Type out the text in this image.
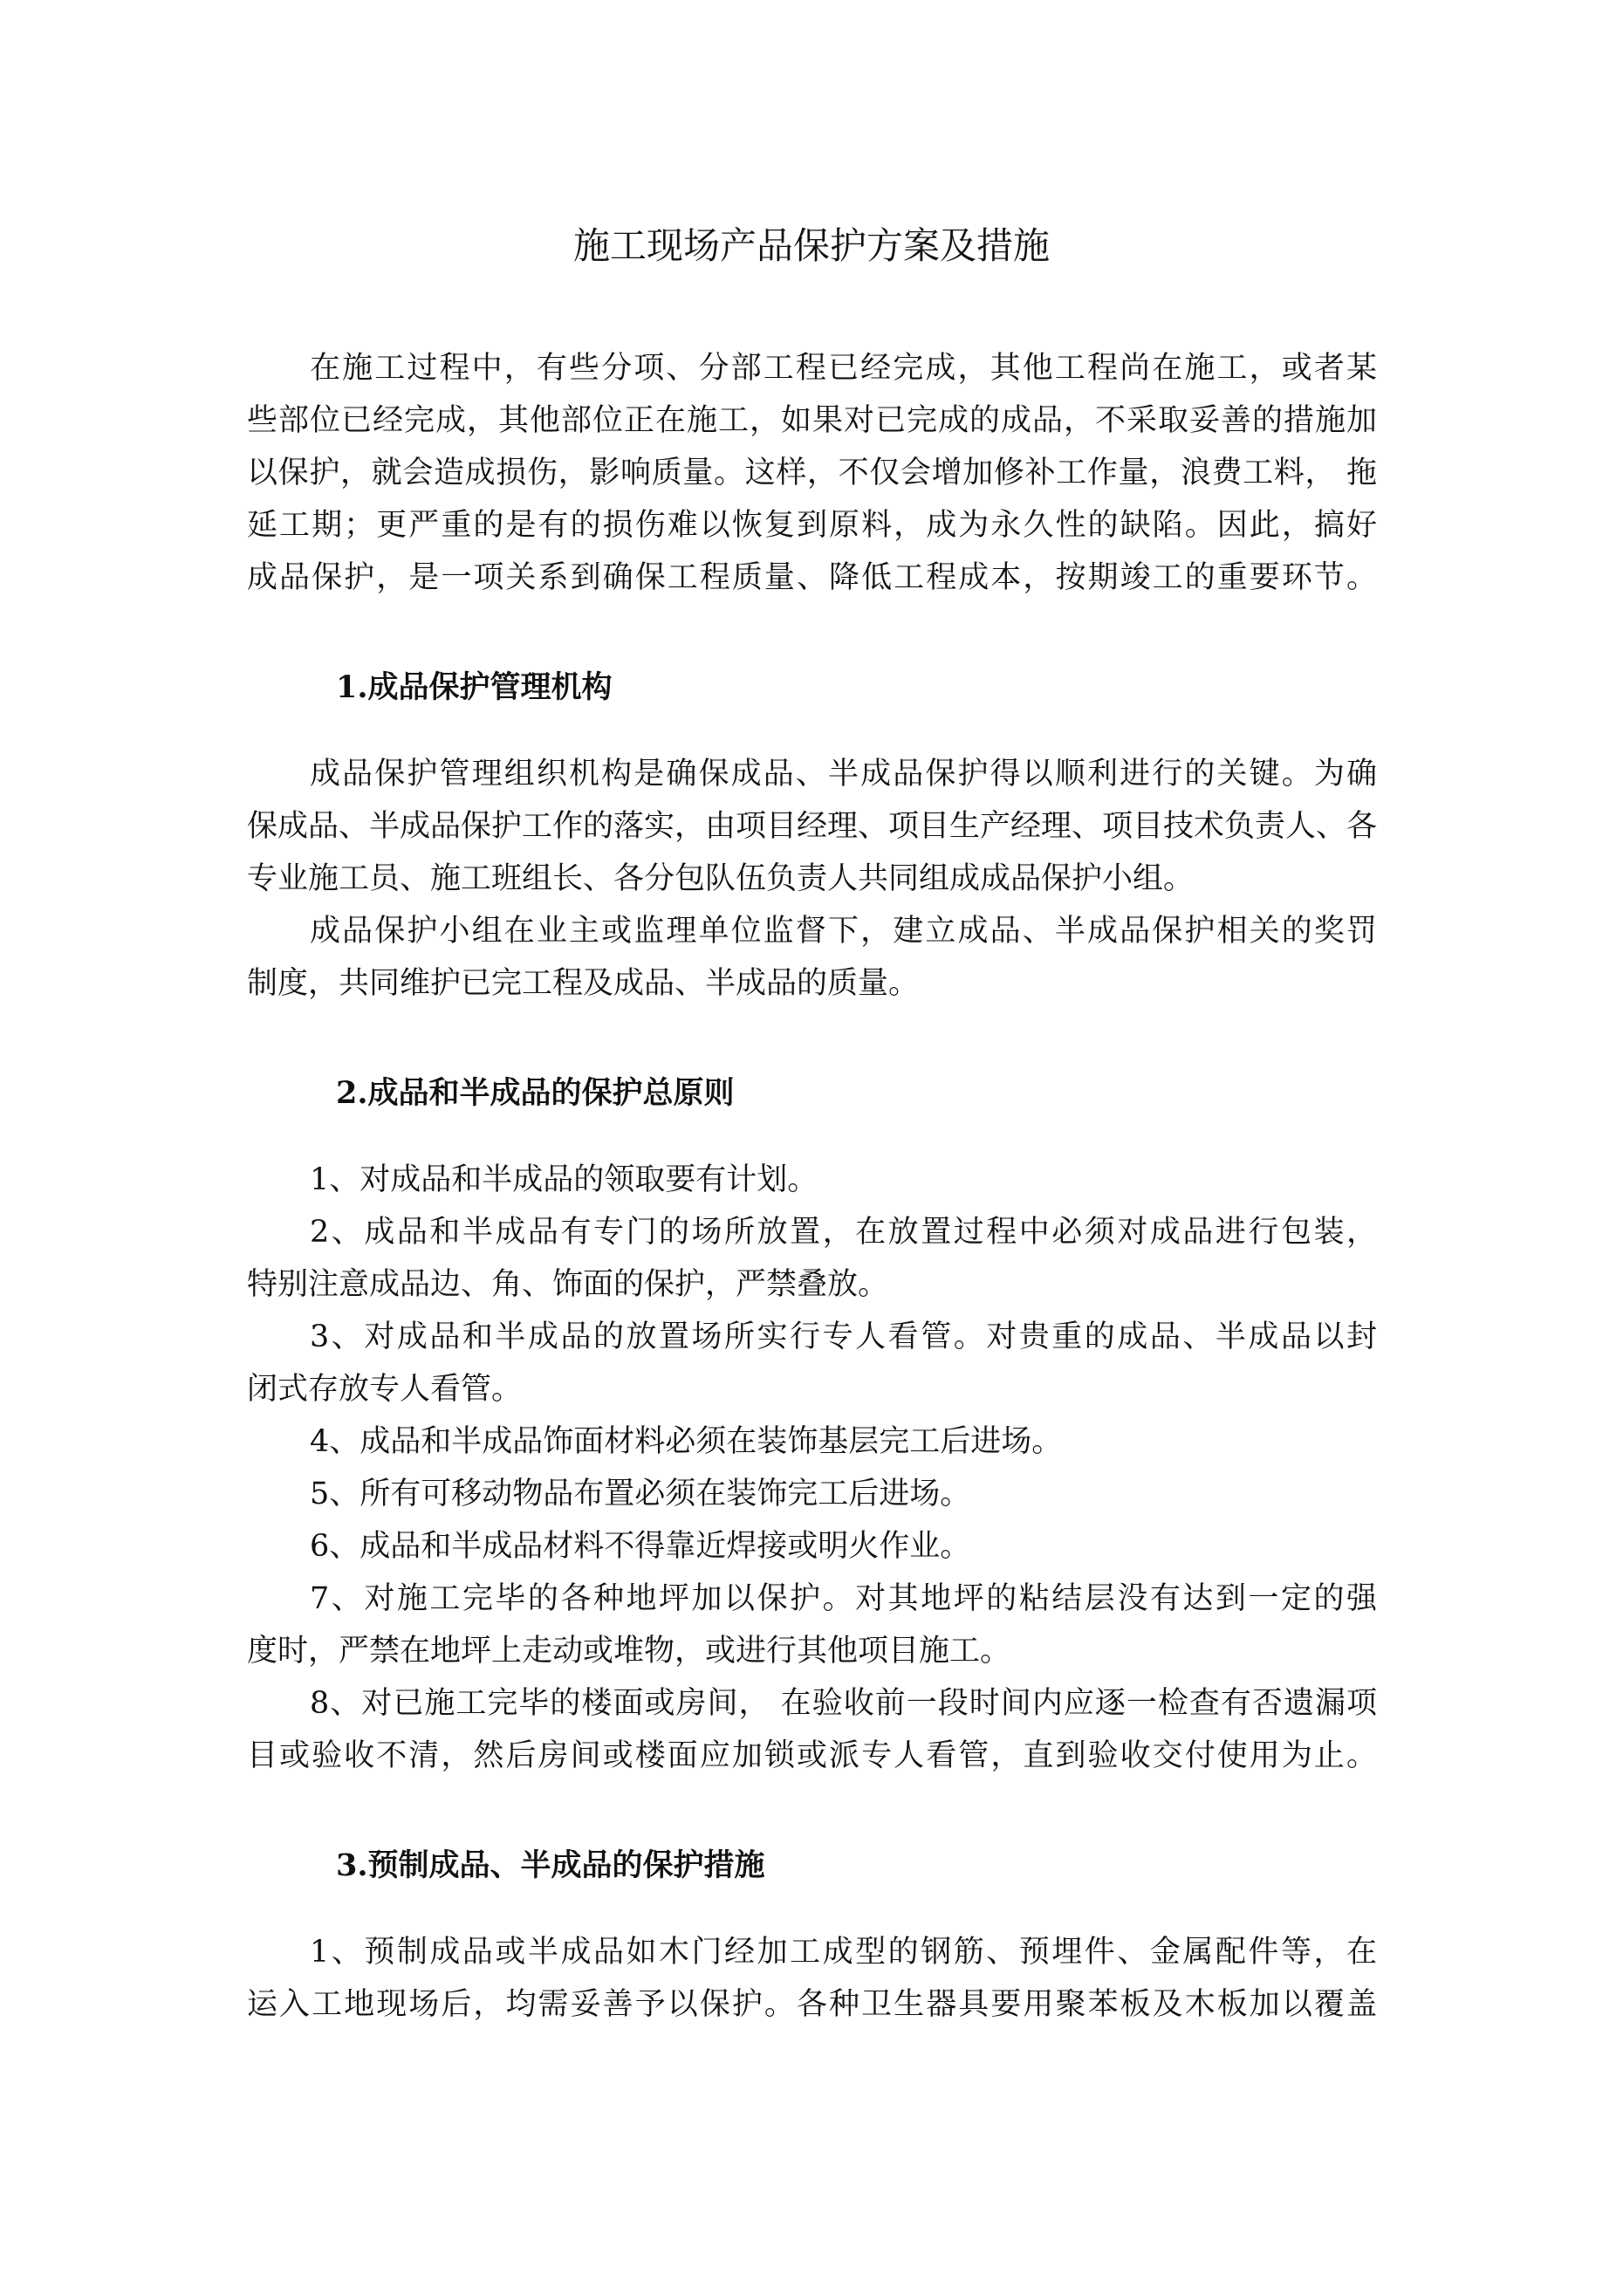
施工现场产品保护方案及措施
在施工过程中，有些分项、分部工程已经完成，其他工程尚在施工，或者某
些部位已经完成，其他部位正在施工，如果对已完成的成品，不采取妥善的措施加
以保护，就会造成损伤，影响质量。这样，不仅会增加修补工作量，浪费工料， 拖
延工期；更严重的是有的损伤难以恢复到原料，成为永久性的缺陷。因此，搞好
成品保护，是一项关系到确保工程质量、降低工程成本，按期竣工的重要环节。
1.成品保护管理机构
成品保护管理组织机构是确保成品、半成品保护得以顺利进行的关键。为确
保成品、半成品保护工作的落实，由项目经理、项目生产经理、项目技术负责人、各
专业施工员、施工班组长、各分包队伍负责人共同组成成品保护小组。
成品保护小组在业主或监理单位监督下，建立成品、半成品保护相关的奖罚
制度，共同维护已完工程及成品、半成品的质量。
2.成品和半成品的保护总原则
1、对成品和半成品的领取要有计划。
2、成品和半成品有专门的场所放置，在放置过程中必须对成品进行包装，
特别注意成品边、角、饰面的保护，严禁叠放。
3、对成品和半成品的放置场所实行专人看管。对贵重的成品、半成品以封
闭式存放专人看管。
4、成品和半成品饰面材料必须在装饰基层完工后进场。
5、所有可移动物品布置必须在装饰完工后进场。
6、成品和半成品材料不得靠近焊接或明火作业。
7、对施工完毕的各种地坪加以保护。对其地坪的粘结层没有达到一定的强
度时，严禁在地坪上走动或堆物，或进行其他项目施工。
8、对已施工完毕的楼面或房间， 在验收前一段时间内应逐一检查有否遗漏项
目或验收不清，然后房间或楼面应加锁或派专人看管，直到验收交付使用为止。
3.预制成品、半成品的保护措施
1、预制成品或半成品如木门经加工成型的钢筋、预埋件、金属配件等，在
运入工地现场后，均需妥善予以保护。各种卫生器具要用聚苯板及木板加以覆盖
